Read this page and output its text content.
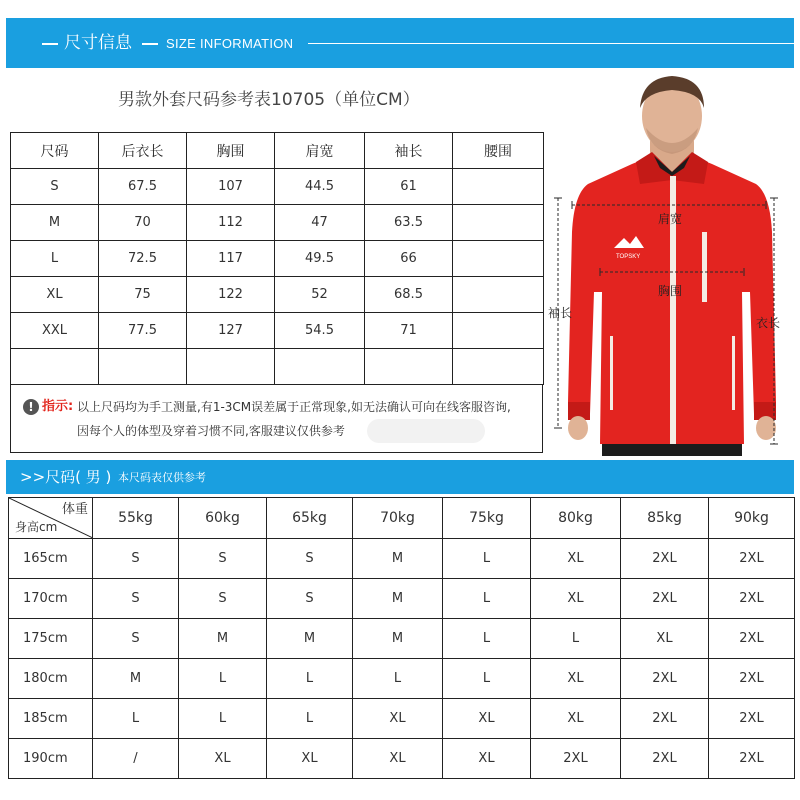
尺寸信息	SIZE INFORMATION
男款外套尺码参考表10705（单位CM）
尺码	后衣长	胸围	肩宽	袖长	腰围
S	67.5	107	44.5	61	
M	70	112	47	63.5	
L	72.5	117	49.5	66	
XL	75	122	52	68.5	
XXL	77.5	127	54.5	71	

! 指示: 以上尺码均为手工测量,有1-3CM误差属于正常现象,如无法确认可向在线客服咨询,
因每个人的体型及穿着习惯不同,客服建议仅供参考
TOPSKY
肩宽
胸围
袖长
衣长
>>尺码( 男 ) 本尺码表仅供参考
体重
身高cm	55kg	60kg	65kg	70kg	75kg	80kg	85kg	90kg
165cm	S	S	S	M	L	XL	2XL	2XL
170cm	S	S	S	M	L	XL	2XL	2XL
175cm	S	M	M	M	L	L	XL	2XL
180cm	M	L	L	L	L	XL	2XL	2XL
185cm	L	L	L	XL	XL	XL	2XL	2XL
190cm	/	XL	XL	XL	XL	2XL	2XL	2XL
